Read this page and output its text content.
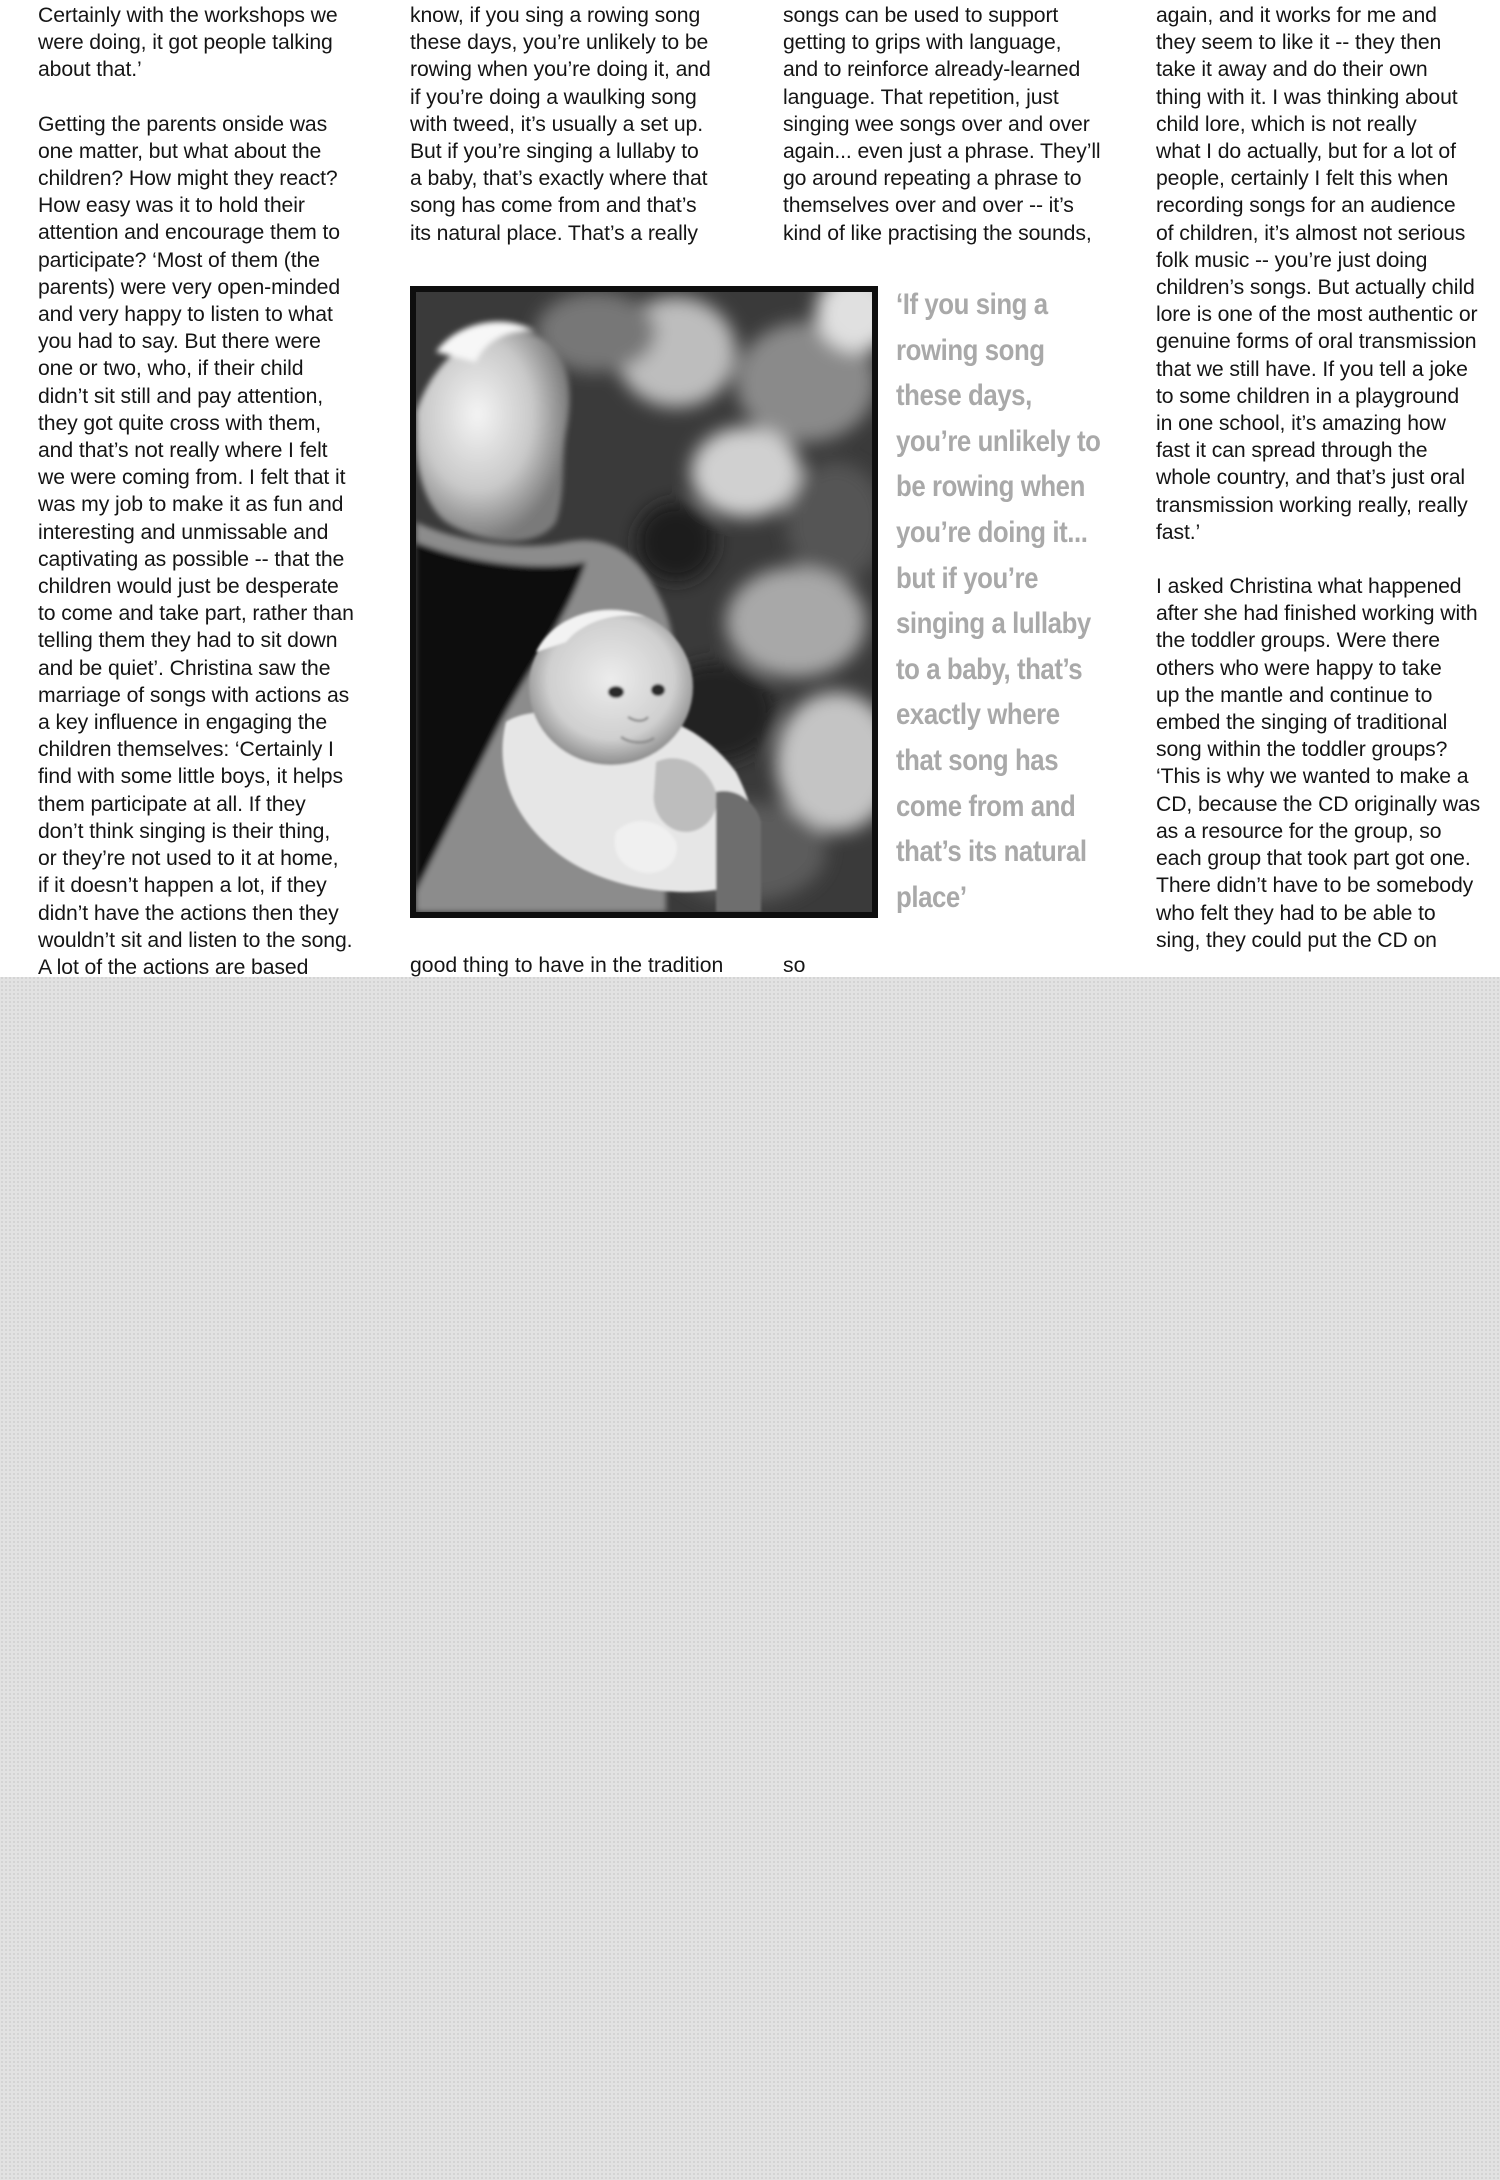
Certainly with the workshops we
were doing, it got people talking
about that.’

Getting the parents onside was
one matter, but what about the
children? How might they react?
How easy was it to hold their
attention and encourage them to
participate? ‘Most of them (the
parents) were very open-minded
and very happy to listen to what
you had to say. But there were
one or two, who, if their child
didn’t sit still and pay attention,
they got quite cross with them,
and that’s not really where I felt
we were coming from. I felt that it
was my job to make it as fun and
interesting and unmissable and
captivating as possible -- that the
children would just be desperate
to come and take part, rather than
telling them they had to sit down
and be quiet’. Christina saw the
marriage of songs with actions as
a key influence in engaging the
children themselves: ‘Certainly I
find with some little boys, it helps
them participate at all. If they
don’t think singing is their thing,
or they’re not used to it at home,
if it doesn’t happen a lot, if they
didn’t have the actions then they
wouldn’t sit and listen to the song.
A lot of the actions are based

know, if you sing a rowing song
these days, you’re unlikely to be
rowing when you’re doing it, and
if you’re doing a waulking song
with tweed, it’s usually a set up.
But if you’re singing a lullaby to
a baby, that’s exactly where that
song has come from and that’s
its natural place. That’s a really

songs can be used to support
getting to grips with language,
and to reinforce already-learned
language. That repetition, just
singing wee songs over and over
again... even just a phrase. They’ll
go around repeating a phrase to
themselves over and over -- it’s
kind of like practising the sounds,

again, and it works for me and
they seem to like it -- they then
take it away and do their own
thing with it. I was thinking about
child lore, which is not really
what I do actually, but for a lot of
people, certainly I felt this when
recording songs for an audience
of children, it’s almost not serious
folk music -- you’re just doing
children’s songs. But actually child
lore is one of the most authentic or
genuine forms of oral transmission
that we still have. If you tell a joke
to some children in a playground
in one school, it’s amazing how
fast it can spread through the
whole country, and that’s just oral
transmission working really, really
fast.’

I asked Christina what happened
after she had finished working with
the toddler groups. Were there
others who were happy to take
up the mantle and continue to
embed the singing of traditional
song within the toddler groups?
‘This is why we wanted to make a
CD, because the CD originally was
as a resource for the group, so
each group that took part got one.
There didn’t have to be somebody
who felt they had to be able to
sing, they could put the CD on

good thing to have in the tradition	so
‘If you sing a
rowing song
these days,
you’re unlikely to
be rowing when
you’re doing it...
but if you’re
singing a lullaby
to a baby, that’s
exactly where
that song has
come from and
that’s its natural
place’
